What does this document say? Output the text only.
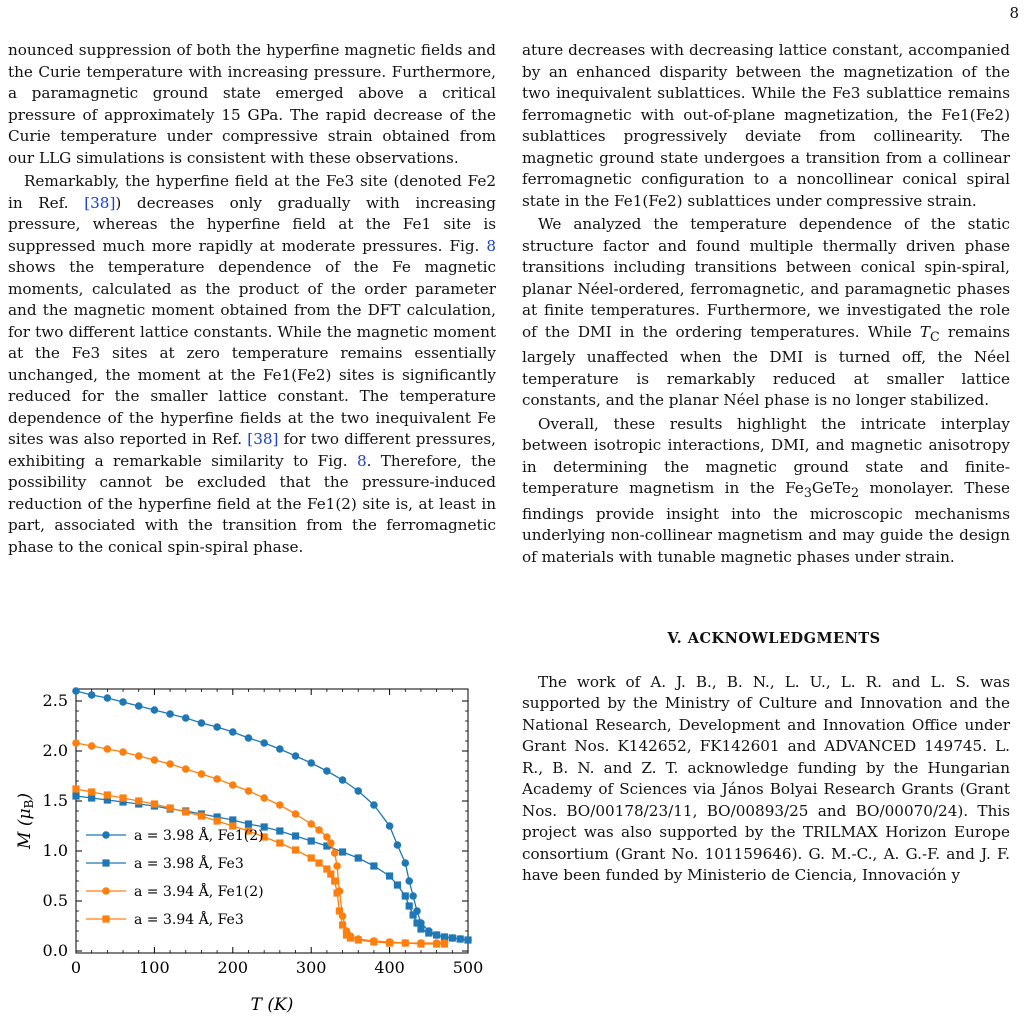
8

nounced suppression of both the hyperfine magnetic fields and the Curie temperature with increasing pressure. Furthermore, a paramagnetic ground state emerged above a critical pressure of approximately 15 GPa. The rapid decrease of the Curie temperature under compressive strain obtained from our LLG simulations is consistent with these observations.

Remarkably, the hyperfine field at the Fe3 site (denoted Fe2 in Ref. [38]) decreases only gradually with increasing pressure, whereas the hyperfine field at the Fe1 site is suppressed much more rapidly at moderate pressures. Fig. 8 shows the temperature dependence of the Fe magnetic moments, calculated as the product of the order parameter and the magnetic moment obtained from the DFT calculation, for two different lattice constants. While the magnetic moment at the Fe3 sites at zero temperature remains essentially unchanged, the moment at the Fe1(Fe2) sites is significantly reduced for the smaller lattice constant. The temperature dependence of the hyperfine fields at the two inequivalent Fe sites was also reported in Ref. [38] for two different pressures, exhibiting a remarkable similarity to Fig. 8. Therefore, the possibility cannot be excluded that the pressure-induced reduction of the hyperfine field at the Fe1(2) site is, at least in part, associated with the transition from the ferromagnetic phase to the conical spin-spiral phase.

ature decreases with decreasing lattice constant, accompanied by an enhanced disparity between the magnetization of the two inequivalent sublattices. While the Fe3 sublattice remains ferromagnetic with out-of-plane magnetization, the Fe1(Fe2) sublattices progressively deviate from collinearity. The magnetic ground state undergoes a transition from a collinear ferromagnetic configuration to a noncollinear conical spiral state in the Fe1(Fe2) sublattices under compressive strain.

We analyzed the temperature dependence of the static structure factor and found multiple thermally driven phase transitions including transitions between conical spin-spiral, planar Néel-ordered, ferromagnetic, and paramagnetic phases at finite temperatures. Furthermore, we investigated the role of the DMI in the ordering temperatures. While $T_C$ remains largely unaffected when the DMI is turned off, the Néel temperature is remarkably reduced at smaller lattice constants, and the planar Néel phase is no longer stabilized.

Overall, these results highlight the intricate interplay between isotropic interactions, DMI, and magnetic anisotropy in determining the magnetic ground state and finite-temperature magnetism in the $Fe_3GeTe_2$ monolayer. These findings provide insight into the microscopic mechanisms underlying non-collinear magnetism and may guide the design of materials with tunable magnetic phases under strain.

V. ACKNOWLEDGMENTS

The work of A. J. B., B. N., L. U., L. R. and L. S. was supported by the Ministry of Culture and Innovation and the National Research, Development and Innovation Office under Grant Nos. K142652, FK142601 and ADVANCED 149745. L. R., B. N. and Z. T. acknowledge funding by the Hungarian Academy of Sciences via János Bolyai Research Grants (Grant Nos. BO/00178/23/11, BO/00893/25 and BO/00070/24). This project was also supported by the TRILMAX Horizon Europe consortium (Grant No. 101159646). G. M.-C., A. G.-F. and J. F. have been funded by Ministerio de Ciencia, Innovación y

0	100	200	300	400	500
0.0
0.5
1.0
1.5
2.0
2.5
a = 3.98 Å, Fe1(2)
a = 3.98 Å, Fe3
a = 3.94 Å, Fe1(2)
a = 3.94 Å, Fe3
T (K)
M (μB)
